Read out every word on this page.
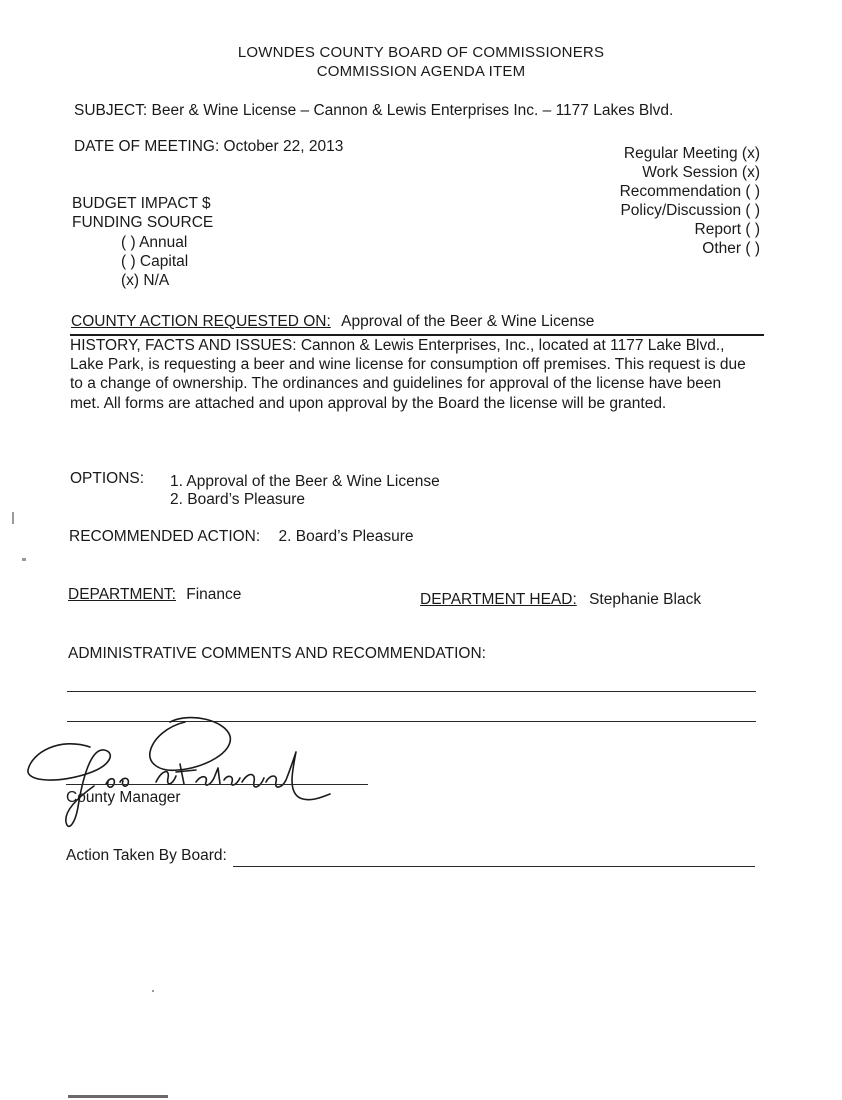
LOWNDES COUNTY BOARD OF COMMISSIONERS
COMMISSION AGENDA ITEM
SUBJECT: Beer & Wine License – Cannon & Lewis Enterprises Inc. – 1177 Lakes Blvd.
DATE OF MEETING: October 22, 2013	Regular Meeting (x)
Work Session (x)
Recommendation ( )
Policy/Discussion ( )
Report ( )
Other ( )
BUDGET IMPACT $
FUNDING SOURCE
( ) Annual
( ) Capital
(x) N/A
COUNTY ACTION REQUESTED ON: Approval of the Beer & Wine License

HISTORY, FACTS AND ISSUES: Cannon & Lewis Enterprises, Inc., located at 1177 Lake Blvd., Lake Park, is requesting a beer and wine license for consumption off premises. This request is due to a change of ownership. The ordinances and guidelines for approval of the license have been met. All forms are attached and upon approval by the Board the license will be granted.

OPTIONS: 1. Approval of the Beer & Wine License
2. Board’s Pleasure
RECOMMENDED ACTION: 2. Board’s Pleasure
DEPARTMENT: Finance	DEPARTMENT HEAD: Stephanie Black
ADMINISTRATIVE COMMENTS AND RECOMMENDATION:
County Manager
Action Taken By Board:
